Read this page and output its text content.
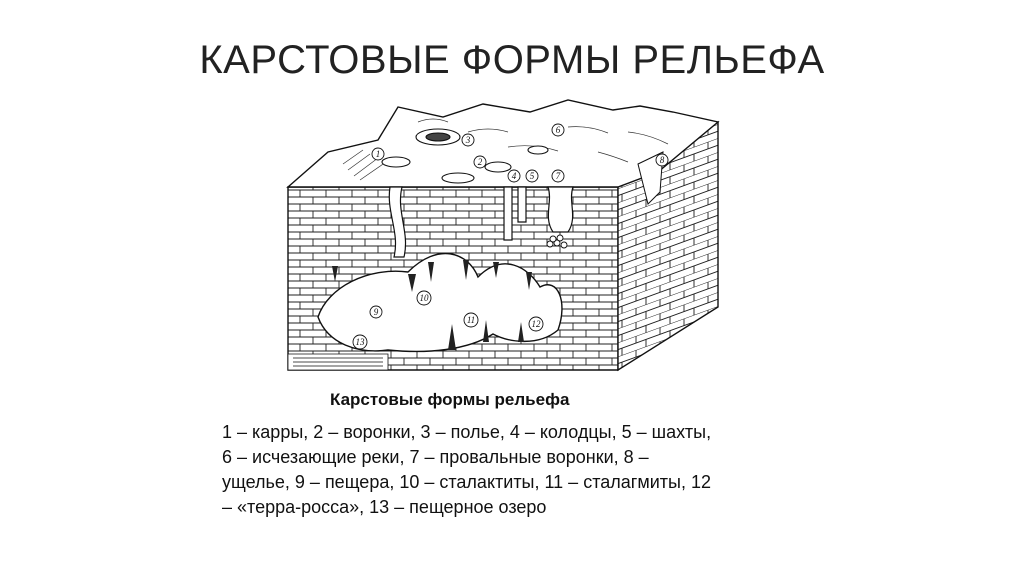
КАРСТОВЫЕ ФОРМЫ РЕЛЬЕФА
1
2
3
4 5
6
7
8
9
10
11	12
13
Карстовые формы рельефа
1 – карры, 2 – воронки, 3 – полье, 4 – колодцы, 5 – шахты,
6 – исчезающие реки, 7 – провальные воронки, 8 –
ущелье, 9 – пещера, 10 – сталактиты, 11 – сталагмиты, 12
– «терра-росса», 13 – пещерное озеро
